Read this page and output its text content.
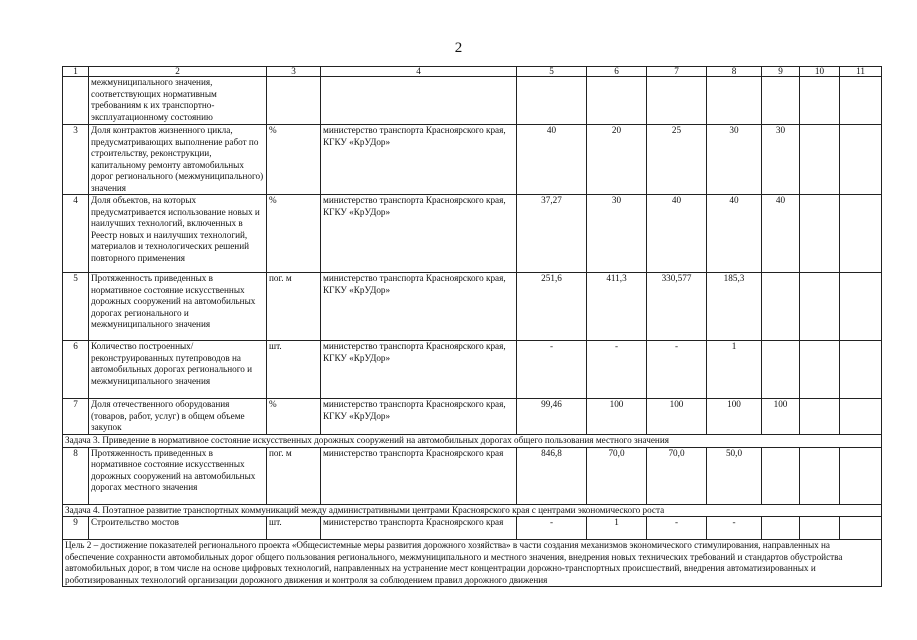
2
1	2	3	4	5	6	7	8	9	10	11
	межмуниципального значения, соответствующих нормативным требованиям к их транспортно-эксплуатационному состоянию									
3	Доля контрактов жизненного цикла, предусматривающих выполнение работ по строительству, реконструкции, капитальному ремонту автомобильных дорог регионального (межмуниципального) значения	%	министерство транспорта Красноярского края, КГКУ «КрУДор»	40	20	25	30	30		
4	Доля объектов, на которых предусматривается использование новых и наилучших технологий, включенных в Реестр новых и наилучших технологий, материалов и технологических решений повторного применения	%	министерство транспорта Красноярского края, КГКУ «КрУДор»	37,27	30	40	40	40		
5	Протяженность приведенных в нормативное состояние искусственных дорожных сооружений на автомобильных дорогах регионального и межмуниципального значения	пог. м	министерство транспорта Красноярского края, КГКУ «КрУДор»	251,6	411,3	330,577	185,3			
6	Количество построенных/реконструированных путепроводов на автомобильных дорогах регионального и межмуниципального значения	шт.	министерство транспорта Красноярского края, КГКУ «КрУДор»	-	-	-	1			
7	Доля отечественного оборудования (товаров, работ, услуг) в общем объеме закупок	%	министерство транспорта Красноярского края, КГКУ «КрУДор»	99,46	100	100	100	100		
Задача 3. Приведение в нормативное состояние искусственных дорожных сооружений на автомобильных дорогах общего пользования местного значения										
8	Протяженность приведенных в нормативное состояние искусственных дорожных сооружений на автомобильных дорогах местного значения	пог. м	министерство транспорта Красноярского края	846,8	70,0	70,0	50,0			
Задача 4. Поэтапное развитие транспортных коммуникаций между административными центрами Красноярского края с центрами экономического роста										
9	Строительство мостов	шт.	министерство транспорта Красноярского края	-	1	-	-			
Цель 2 – достижение показателей регионального проекта «Общесистемные меры развития дорожного хозяйства» в части создания механизмов экономического стимулирования, направленных на обеспечение сохранности автомобильных дорог общего пользования регионального, межмуниципального и местного значения, внедрения новых технических требований и стандартов обустройства автомобильных дорог, в том числе на основе цифровых технологий, направленных на устранение мест концентрации дорожно-транспортных происшествий, внедрения автоматизированных и роботизированных технологий организации дорожного движения и контроля за соблюдением правил дорожного движения										
